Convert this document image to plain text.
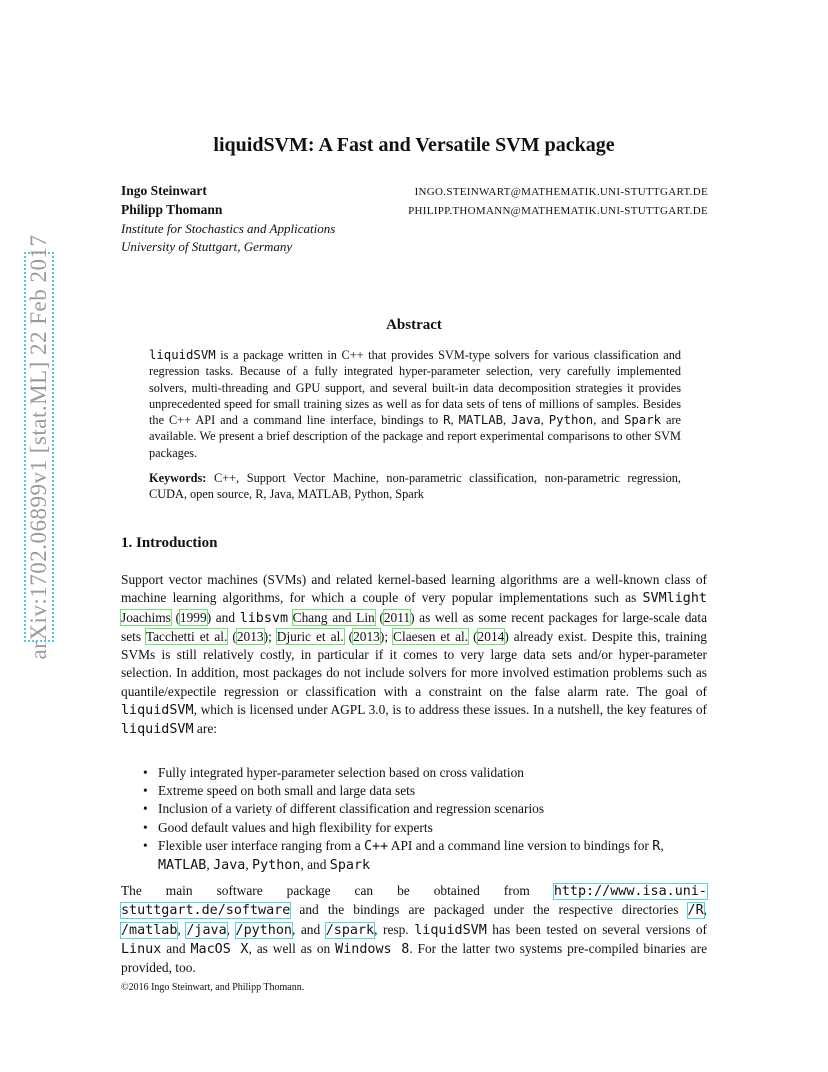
arXiv:1702.06899v1 [stat.ML] 22 Feb 2017
liquidSVM: A Fast and Versatile SVM package
Ingo Steinwart	INGO.STEINWART@MATHEMATIK.UNI-STUTTGART.DE
Philipp Thomann	PHILIPP.THOMANN@MATHEMATIK.UNI-STUTTGART.DE
Institute for Stochastics and Applications
University of Stuttgart, Germany
Abstract
liquidSVM is a package written in C++ that provides SVM-type solvers for various classification and regression tasks. Because of a fully integrated hyper-parameter selection, very carefully implemented solvers, multi-threading and GPU support, and several built-in data decomposition strategies it provides unprecedented speed for small training sizes as well as for data sets of tens of millions of samples. Besides the C++ API and a command line interface, bindings to R, MATLAB, Java, Python, and Spark are available. We present a brief description of the package and report experimental comparisons to other SVM packages.
Keywords: C++, Support Vector Machine, non-parametric classification, non-parametric regression, CUDA, open source, R, Java, MATLAB, Python, Spark
1. Introduction
Support vector machines (SVMs) and related kernel-based learning algorithms are a well-known class of machine learning algorithms, for which a couple of very popular implementations such as SVMlight Joachims (1999) and libsvm Chang and Lin (2011) as well as some recent packages for large-scale data sets Tacchetti et al. (2013); Djuric et al. (2013); Claesen et al. (2014) already exist. Despite this, training SVMs is still relatively costly, in particular if it comes to very large data sets and/or hyper-parameter selection. In addition, most packages do not include solvers for more involved estimation problems such as quantile/expectile regression or classification with a constraint on the false alarm rate. The goal of liquidSVM, which is licensed under AGPL 3.0, is to address these issues. In a nutshell, the key features of liquidSVM are:
• Fully integrated hyper-parameter selection based on cross validation
• Extreme speed on both small and large data sets
• Inclusion of a variety of different classification and regression scenarios
• Good default values and high flexibility for experts
• Flexible user interface ranging from a C++ API and a command line version to bindings for R, MATLAB, Java, Python, and Spark
The main software package can be obtained from http://www.isa.uni-stuttgart.de/software and the bindings are packaged under the respective directories /R, /matlab, /java, /python, and /spark, resp. liquidSVM has been tested on several versions of Linux and MacOS X, as well as on Windows 8. For the latter two systems pre-compiled binaries are provided, too.
©2016 Ingo Steinwart, and Philipp Thomann.
